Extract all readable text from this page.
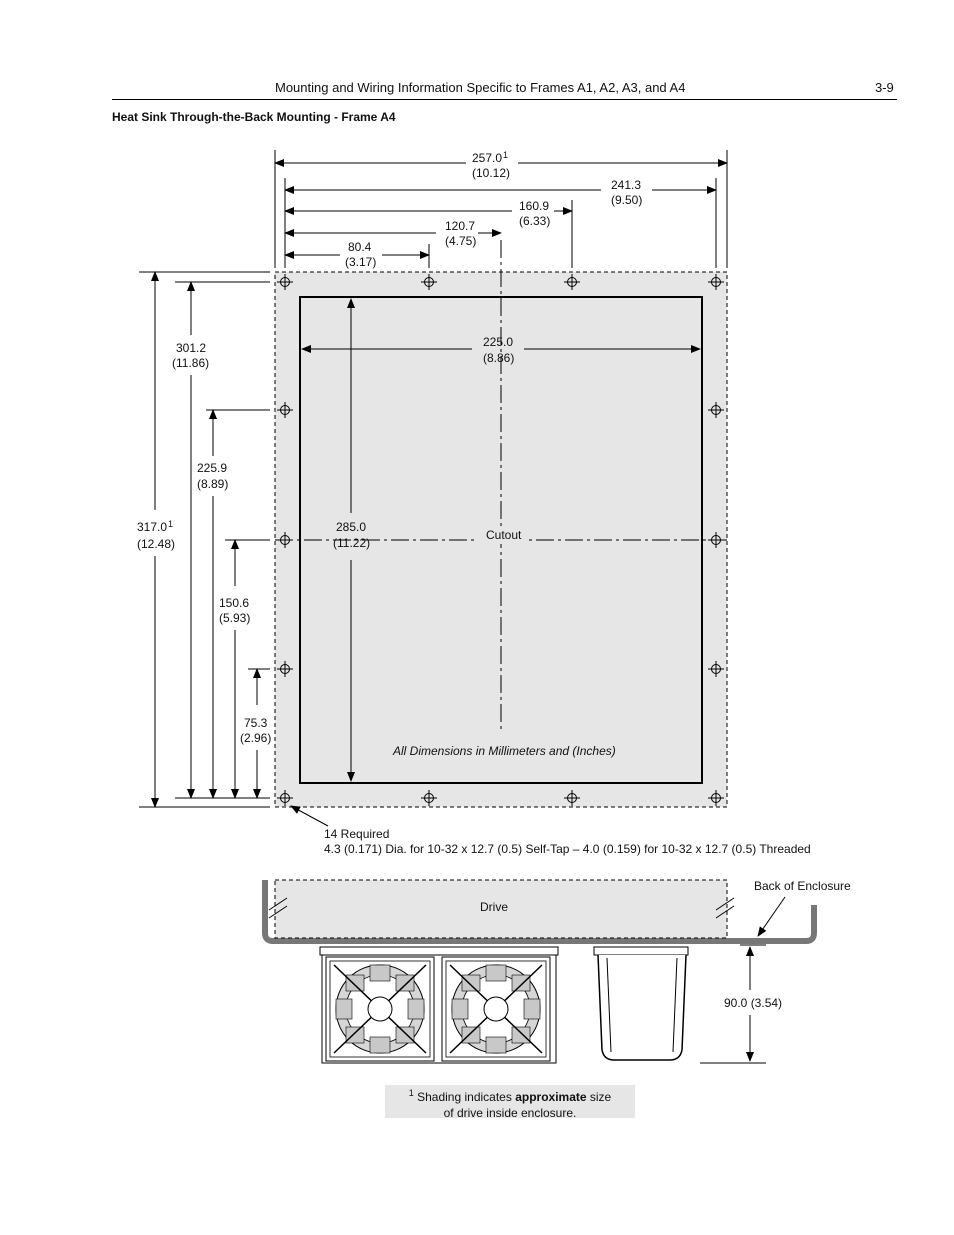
Mounting and Wiring Information Specific to Frames A1, A2, A3, and A4	3-9
Heat Sink Through-the-Back Mounting - Frame A4
257.0 1
(10.12)
241.3
(9.50)
160.9
(6.33)
120.7
(4.75)
80.4
(3.17)
225.0
(8.86)
301.2
(11.86)
225.9
(8.89)
317.0 1
(12.48)
285.0
(11.22)
150.6
(5.93)
75.3
(2.96)
Cutout
All Dimensions in Millimeters and (Inches)
14 Required
4.3 (0.171) Dia. for 10-32 x 12.7 (0.5) Self-Tap – 4.0 (0.159) for 10-32 x 12.7 (0.5) Threaded
Drive
Back of Enclosure
90.0 (3.54)
$^1$ Shading indicates approximate size
of drive inside enclosure.
